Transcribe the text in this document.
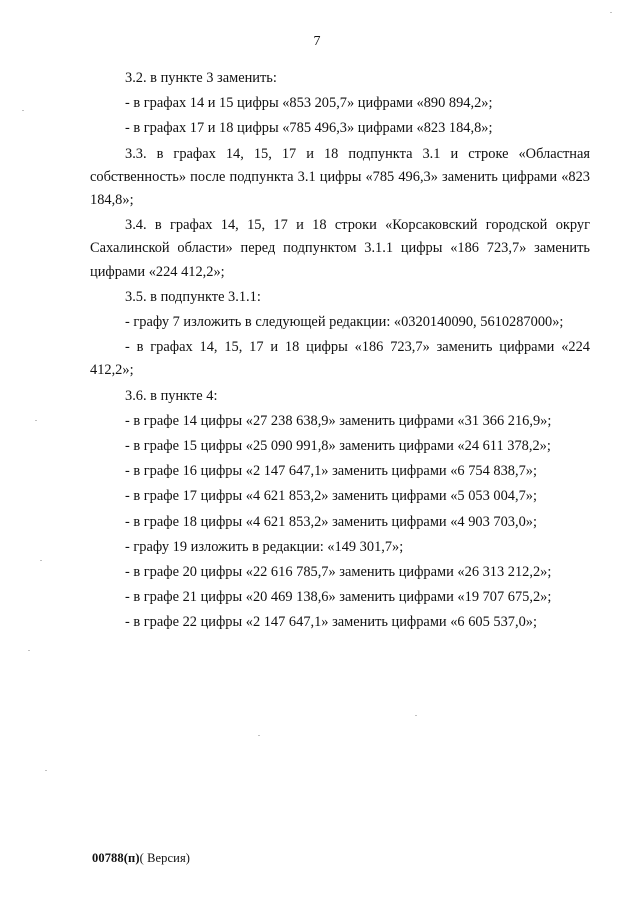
7

3.2. в пункте 3 заменить:

- в графах 14 и 15 цифры «853 205,7» цифрами «890 894,2»;

- в графах 17 и 18 цифры «785 496,3» цифрами «823 184,8»;

3.3. в графах 14, 15, 17 и 18 подпункта 3.1 и строке «Областная собственность» после подпункта 3.1 цифры «785 496,3» заменить цифрами «823 184,8»;

3.4. в графах 14, 15, 17 и 18 строки «Корсаковский городской округ Сахалинской области» перед подпунктом 3.1.1 цифры «186 723,7» заменить цифрами «224 412,2»;

3.5. в подпункте 3.1.1:

- графу 7 изложить в следующей редакции: «0320140090, 5610287000»;

- в графах 14, 15, 17 и 18 цифры «186 723,7» заменить цифрами «224 412,2»;

3.6. в пункте 4:

- в графе 14 цифры «27 238 638,9» заменить цифрами «31 366 216,9»;

- в графе 15 цифры «25 090 991,8» заменить цифрами «24 611 378,2»;

- в графе 16 цифры «2 147 647,1» заменить цифрами «6 754 838,7»;

- в графе 17 цифры «4 621 853,2» заменить цифрами «5 053 004,7»;

- в графе 18 цифры «4 621 853,2» заменить цифрами «4 903 703,0»;

- графу 19 изложить в редакции: «149 301,7»;

- в графе 20 цифры «22 616 785,7» заменить цифрами «26 313 212,2»;

- в графе 21 цифры «20 469 138,6» заменить цифрами «19 707 675,2»;

- в графе 22 цифры «2 147 647,1» заменить цифрами «6 605 537,0»;

00788(п)( Версия)
